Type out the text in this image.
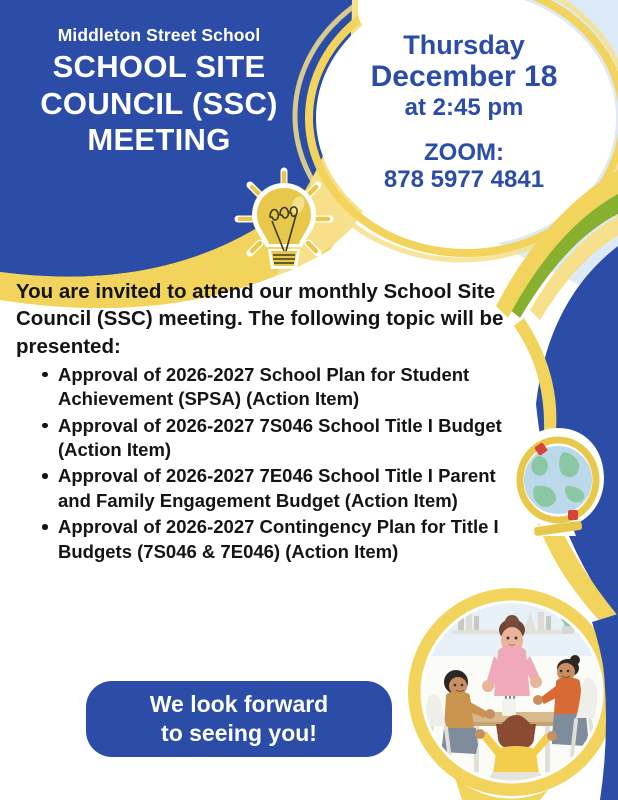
Middleton Street School
SCHOOL SITE
COUNCIL (SSC)
MEETING
Thursday
December 18
at 2:45 pm
ZOOM:
878 5977 4841

You are invited to attend our monthly School Site Council (SSC) meeting. The following topic will be presented:

Approval of 2026-2027 School Plan for Student Achievement (SPSA) (Action Item)
Approval of 2026-2027 7S046 School Title I Budget (Action Item)
Approval of 2026-2027 7E046 School Title I Parent and Family Engagement Budget (Action Item)
Approval of 2026-2027 Contingency Plan for Title I Budgets (7S046 & 7E046) (Action Item)
We look forward
to seeing you!
